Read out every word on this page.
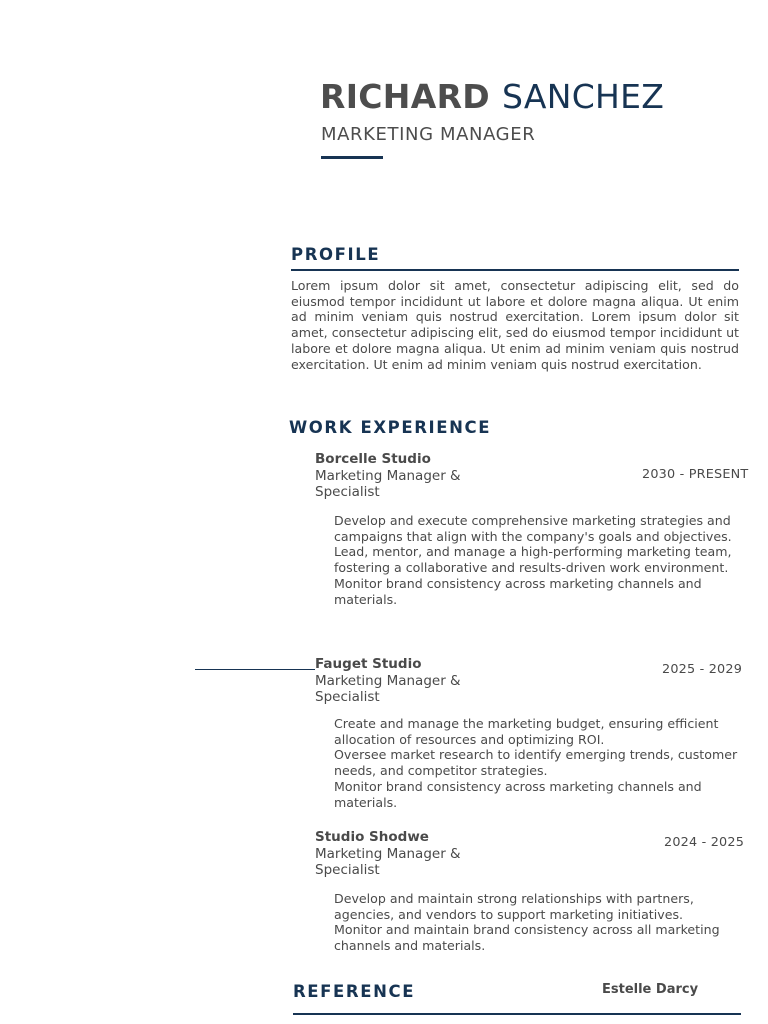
RICHARD SANCHEZ
MARKETING MANAGER
PROFILE
Lorem ipsum dolor sit amet, consectetur adipiscing elit, sed do eiusmod tempor incididunt ut labore et dolore magna aliqua. Ut enim ad minim veniam quis nostrud exercitation. Lorem ipsum dolor sit amet, consectetur adipiscing elit, sed do eiusmod tempor incididunt ut labore et dolore magna aliqua. Ut enim ad minim veniam quis nostrud exercitation. Ut enim ad minim veniam quis nostrud exercitation.
WORK EXPERIENCE
Borcelle Studio
Marketing Manager & Specialist
2030 - PRESENT
Develop and execute comprehensive marketing strategies and campaigns that align with the company's goals and objectives.
Lead, mentor, and manage a high-performing marketing team, fostering a collaborative and results-driven work environment.
Monitor brand consistency across marketing channels and materials.
Fauget Studio
Marketing Manager & Specialist
2025 - 2029
Create and manage the marketing budget, ensuring efficient allocation of resources and optimizing ROI.
Oversee market research to identify emerging trends, customer needs, and competitor strategies.
Monitor brand consistency across marketing channels and materials.
Studio Shodwe
Marketing Manager & Specialist
2024 - 2025
Develop and maintain strong relationships with partners, agencies, and vendors to support marketing initiatives.
Monitor and maintain brand consistency across all marketing channels and materials.
REFERENCE	Estelle Darcy
